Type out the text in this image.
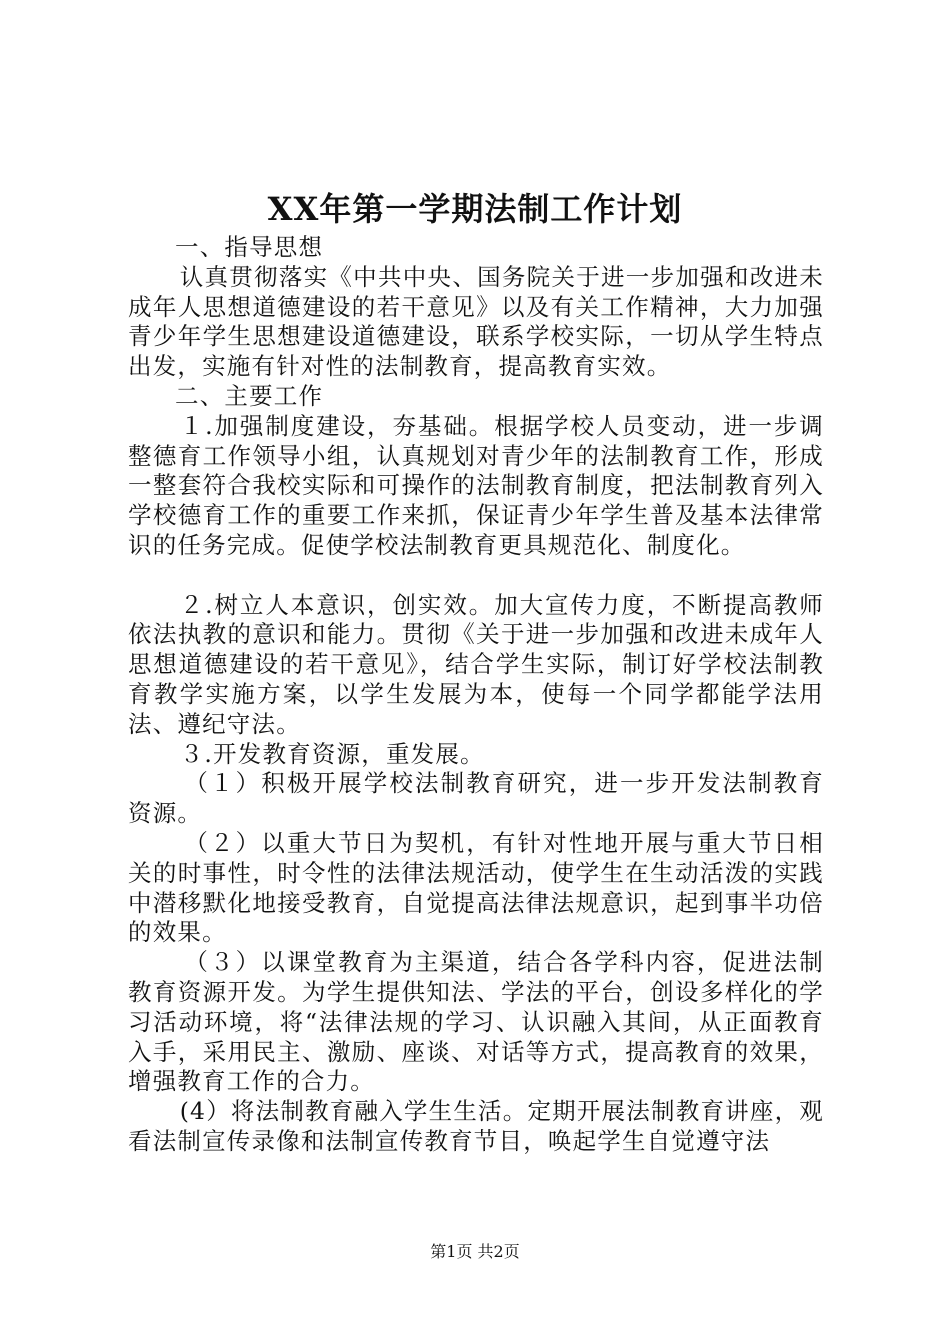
XX年第一学期法制工作计划

一、指导思想

认真贯彻落实《中共中央、国务院关于进一步加强和改进未成年人思想道德建设的若干意见》以及有关工作精神，大力加强青少年学生思想建设道德建设，联系学校实际，一切从学生特点出发，实施有针对性的法制教育，提高教育实效。

二、主要工作

１.加强制度建设，夯基础。根据学校人员变动，进一步调整德育工作领导小组，认真规划对青少年的法制教育工作，形成一整套符合我校实际和可操作的法制教育制度，把法制教育列入学校德育工作的重要工作来抓，保证青少年学生普及基本法律常识的任务完成。促使学校法制教育更具规范化、制度化。

２.树立人本意识，创实效。加大宣传力度，不断提高教师依法执教的意识和能力。贯彻《关于进一步加强和改进未成年人思想道德建设的若干意见》，结合学生实际，制订好学校法制教育教学实施方案，以学生发展为本，使每一个同学都能学法用法、遵纪守法。

３.开发教育资源，重发展。

（１）积极开展学校法制教育研究，进一步开发法制教育资源。

（２）以重大节日为契机，有针对性地开展与重大节日相关的时事性，时令性的法律法规活动，使学生在生动活泼的实践中潜移默化地接受教育，自觉提高法律法规意识，起到事半功倍的效果。

（３）以课堂教育为主渠道，结合各学科内容，促进法制教育资源开发。为学生提供知法、学法的平台，创设多样化的学习活动环境，将“法律法规的学习、认识融入其间，从正面教育入手，采用民主、激励、座谈、对话等方式，提高教育的效果，增强教育工作的合力。

(4）将法制教育融入学生生活。定期开展法制教育讲座，观看法制宣传录像和法制宣传教育节目，唤起学生自觉遵守法

第1页 共2页
